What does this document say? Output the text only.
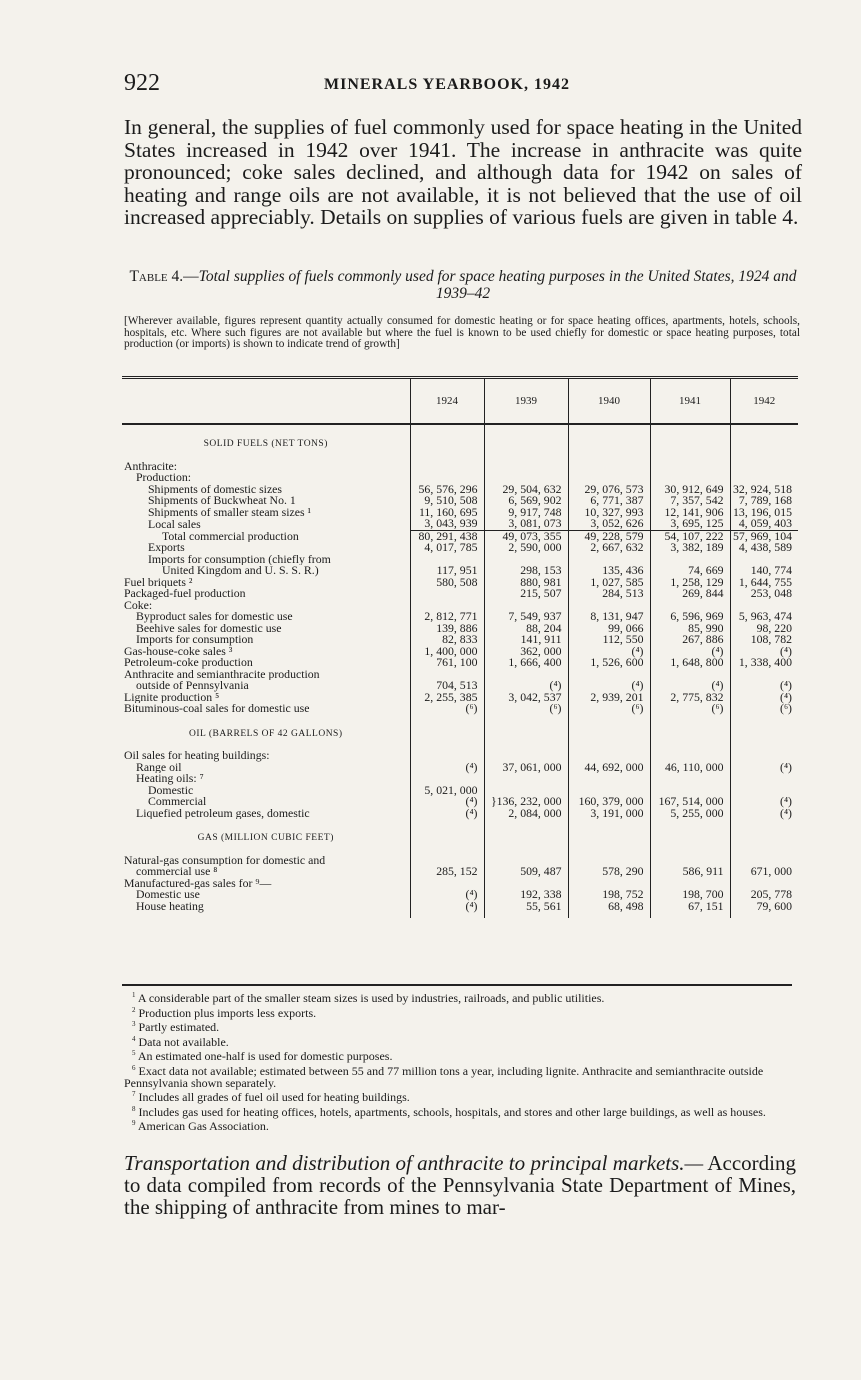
922	MINERALS YEARBOOK, 1942

In general, the supplies of fuel commonly used for space heating in the United States increased in 1942 over 1941. The increase in anthracite was quite pronounced; coke sales declined, and although data for 1942 on sales of heating and range oils are not available, it is not believed that the use of oil increased appreciably. Details on supplies of various fuels are given in table 4.

Table 4.—Total supplies of fuels commonly used for space heating purposes in the United States, 1924 and 1939–42

[Wherever available, figures represent quantity actually consumed for domestic heating or for space heating offices, apartments, hotels, schools, hospitals, etc. Where such figures are not available but where the fuel is known to be used chiefly for domestic or space heating purposes, total production (or imports) is shown to indicate trend of growth]

	1924	1939	1940	1941	1942
SOLID FUELS (NET TONS)					
Anthracite:					
Production:					
Shipments of domestic sizes	56, 576, 296	29, 504, 632	29, 076, 573	30, 912, 649	32, 924, 518
Shipments of Buckwheat No. 1	9, 510, 508	6, 569, 902	6, 771, 387	7, 357, 542	7, 789, 168
Shipments of smaller steam sizes ¹	11, 160, 695	9, 917, 748	10, 327, 993	12, 141, 906	13, 196, 015
Local sales	3, 043, 939	3, 081, 073	3, 052, 626	3, 695, 125	4, 059, 403
Total commercial production	80, 291, 438	49, 073, 355	49, 228, 579	54, 107, 222	57, 969, 104
Exports	4, 017, 785	2, 590, 000	2, 667, 632	3, 382, 189	4, 438, 589
Imports for consumption (chiefly from					
United Kingdom and U. S. S. R.)	117, 951	298, 153	135, 436	74, 669	140, 774
Fuel briquets ²	580, 508	880, 981	1, 027, 585	1, 258, 129	1, 644, 755
Packaged-fuel production		215, 507	284, 513	269, 844	253, 048
Coke:					
Byproduct sales for domestic use	2, 812, 771	7, 549, 937	8, 131, 947	6, 596, 969	5, 963, 474
Beehive sales for domestic use	139, 886	88, 204	99, 066	85, 990	98, 220
Imports for consumption	82, 833	141, 911	112, 550	267, 886	108, 782
Gas-house-coke sales ³	1, 400, 000	362, 000	(⁴)	(⁴)	(⁴)
Petroleum-coke production	761, 100	1, 666, 400	1, 526, 600	1, 648, 800	1, 338, 400
Anthracite and semianthracite production					
outside of Pennsylvania	704, 513	(⁴)	(⁴)	(⁴)	(⁴)
Lignite production ⁵	2, 255, 385	3, 042, 537	2, 939, 201	2, 775, 832	(⁴)
Bituminous-coal sales for domestic use	(⁶)	(⁶)	(⁶)	(⁶)	(⁶)
OIL (BARRELS OF 42 GALLONS)					
Oil sales for heating buildings:					
Range oil	(⁴)	37, 061, 000	44, 692, 000	46, 110, 000	(⁴)
Heating oils: ⁷					
Domestic	5, 021, 000				
Commercial	(⁴)	}136, 232, 000	160, 379, 000	167, 514, 000	(⁴)
Liquefied petroleum gases, domestic	(⁴)	2, 084, 000	3, 191, 000	5, 255, 000	(⁴)
GAS (MILLION CUBIC FEET)					
Natural-gas consumption for domestic and					
commercial use ⁸	285, 152	509, 487	578, 290	586, 911	671, 000
Manufactured-gas sales for ⁹—					
Domestic use	(⁴)	192, 338	198, 752	198, 700	205, 778
House heating	(⁴)	55, 561	68, 498	67, 151	79, 600
$^1$ A considerable part of the smaller steam sizes is used by industries, railroads, and public utilities.
$^2$ Production plus imports less exports.
$^3$ Partly estimated.
$^4$ Data not available.
$^5$ An estimated one-half is used for domestic purposes.
$^6$ Exact data not available; estimated between 55 and 77 million tons a year, including lignite. Anthracite and semianthracite outside Pennsylvania shown separately.
$^7$ Includes all grades of fuel oil used for heating buildings.
$^8$ Includes gas used for heating offices, hotels, apartments, schools, hospitals, and stores and other large buildings, as well as houses.
$^9$ American Gas Association.

Transportation and distribution of anthracite to principal markets.— According to data compiled from records of the Pennsylvania State Department of Mines, the shipping of anthracite from mines to mar-
